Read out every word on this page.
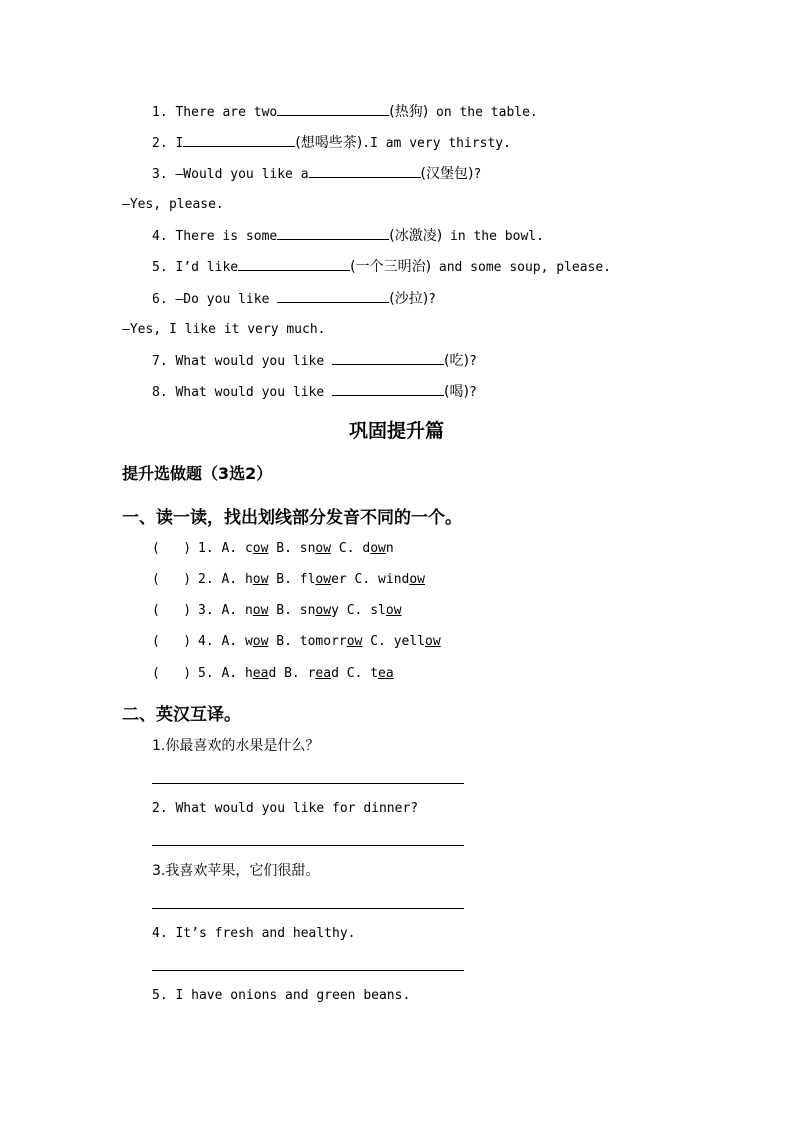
1. There are two	(热狗) on the table.
2. I	(想喝些茶).I am very thirsty.
3. —Would you like a	(汉堡包)?
—Yes, please.
4. There is some	(冰激凌) in the bowl.
5. I’d like	(一个三明治) and some soup, please.
6. —Do you like	(沙拉)?
—Yes, I like it very much.
7. What would you like	(吃)?
8. What would you like	(喝)?
巩固提升篇
提升选做题（3选2）
一、读一读，找出划线部分发音不同的一个。
(   ) 1. A. cow B. snow C. down
(   ) 2. A. how B. flower C. window
(   ) 3. A. now B. snowy C. slow
(   ) 4. A. wow B. tomorrow C. yellow
(   ) 5. A. head B. read C. tea
二、英汉互译。
1.你最喜欢的水果是什么？
2. What would you like for dinner?
3.我喜欢苹果，它们很甜。
4. It’s fresh and healthy.
5. I have onions and green beans.
